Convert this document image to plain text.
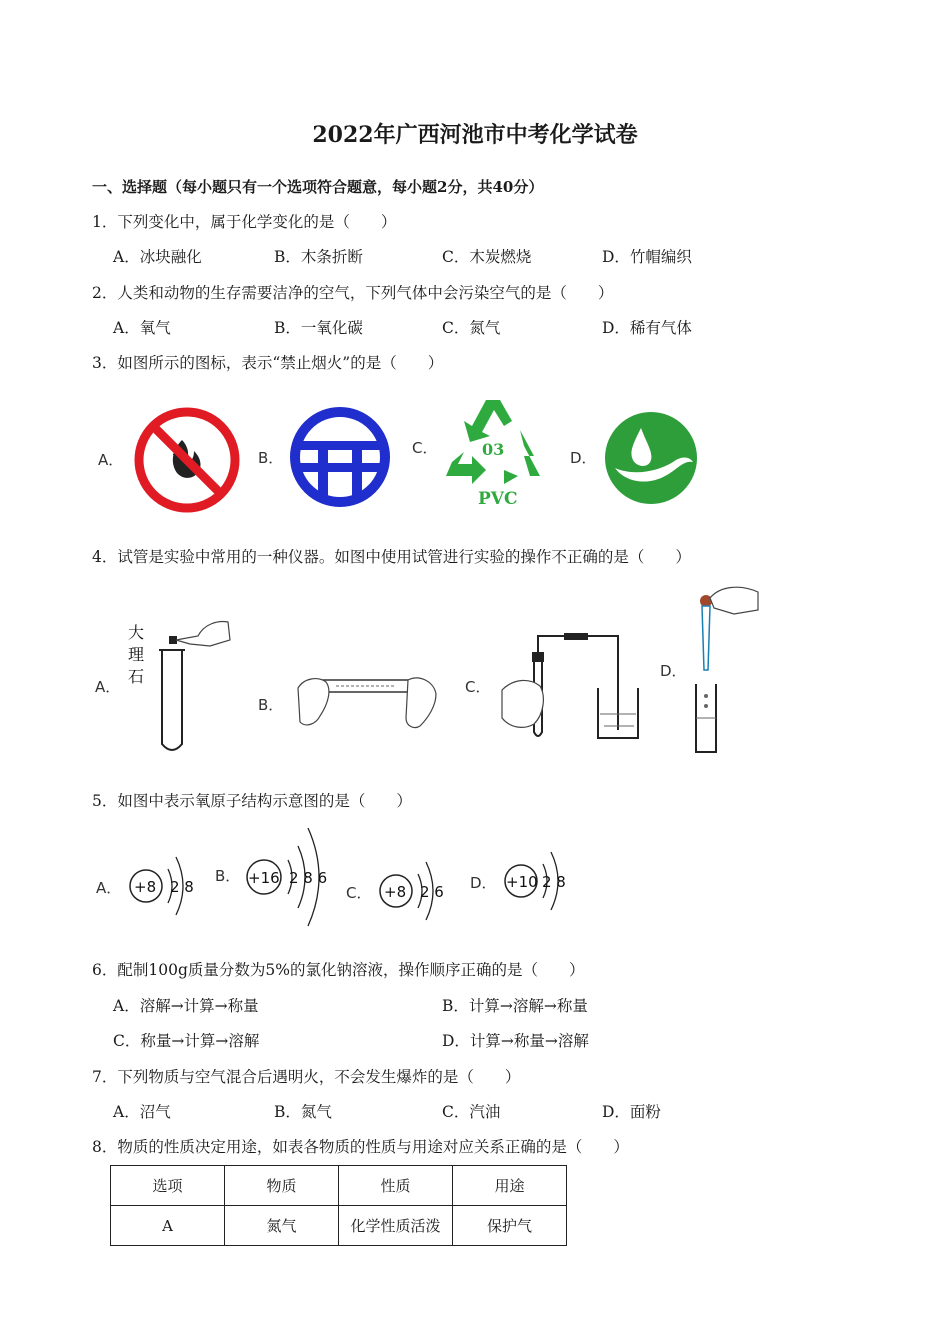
2022年广西河池市中考化学试卷
一、选择题（每小题只有一个选项符合题意，每小题2分，共40分）
1．下列变化中，属于化学变化的是（　　）
A．冰块融化	B．木条折断	C．木炭燃烧	D．竹帽编织
2．人类和动物的生存需要洁净的空气，下列气体中会污染空气的是（　　）
A．氧气	B．一氧化碳	C．氮气	D．稀有气体
3．如图所示的图标，表示“禁止烟火”的是（　　）
A．	B．
C．
D．
03
PVC
4．试管是实验中常用的一种仪器。如图中使用试管进行实验的操作不正确的是（　　）
A．
B．
C．
D．
大
理
石
5．如图中表示氧原子结构示意图的是（　　）
A． +8 2 8
B． +16 2 8 6
C． +8 2 6 D． +10 2 8
6．配制100g质量分数为5%的氯化钠溶液，操作顺序正确的是（　　）
A．溶解→计算→称量	B．计算→溶解→称量
C．称量→计算→溶解	D．计算→称量→溶解
7．下列物质与空气混合后遇明火，不会发生爆炸的是（　　）
A．沼气	B．氮气	C．汽油	D．面粉
8．物质的性质决定用途，如表各物质的性质与用途对应关系正确的是（　　）
选项	物质	性质	用途
A	氮气	化学性质活泼	保护气
